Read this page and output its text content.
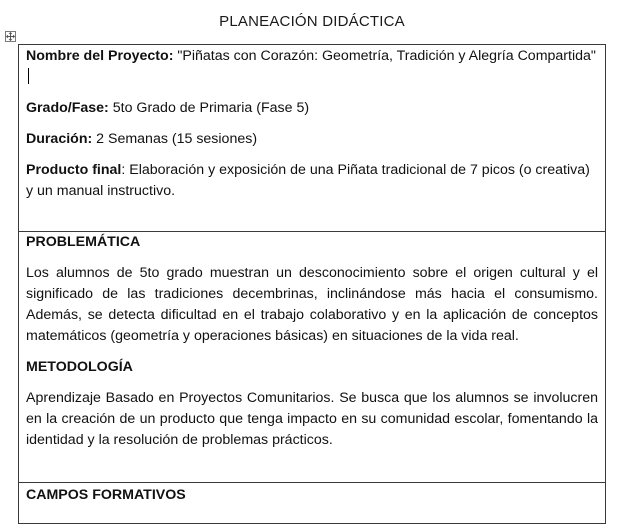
PLANEACIÓN DIDÁCTICA

Nombre del Proyecto: "Piñatas con Corazón: Geometría, Tradición y Alegría Compartida"

Grado/Fase: 5to Grado de Primaria (Fase 5)

Duración: 2 Semanas (15 sesiones)

Producto final: Elaboración y exposición de una Piñata tradicional de 7 picos (o creativa) y un manual instructivo.

PROBLEMÁTICA

Los alumnos de 5to grado muestran un desconocimiento sobre el origen cultural y el significado de las tradiciones decembrinas, inclinándose más hacia el consumismo. Además, se detecta dificultad en el trabajo colaborativo y en la aplicación de conceptos matemáticos (geometría y operaciones básicas) en situaciones de la vida real.

METODOLOGÍA

Aprendizaje Basado en Proyectos Comunitarios. Se busca que los alumnos se involucren en la creación de un producto que tenga impacto en su comunidad escolar, fomentando la identidad y la resolución de problemas prácticos.

CAMPOS FORMATIVOS
